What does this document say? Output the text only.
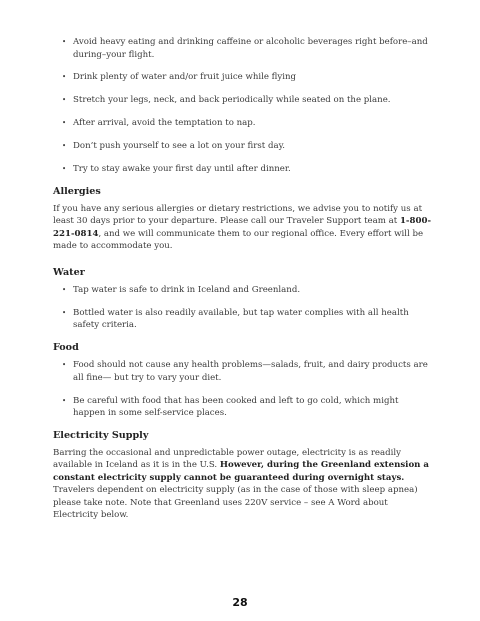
• Avoid heavy eating and drinking caffeine or alcoholic beverages right before–and during–your flight.
• Drink plenty of water and/or fruit juice while flying
• Stretch your legs, neck, and back periodically while seated on the plane.
• After arrival, avoid the temptation to nap.
• Don’t push yourself to see a lot on your first day.
• Try to stay awake your first day until after dinner.
Allergies

If you have any serious allergies or dietary restrictions, we advise you to notify us at least 30 days prior to your departure. Please call our Traveler Support team at 1-800-221-0814, and we will communicate them to our regional office. Every effort will be made to accommodate you.

Water
• Tap water is safe to drink in Iceland and Greenland.
• Bottled water is also readily available, but tap water complies with all health safety criteria.
Food
• Food should not cause any health problems—salads, fruit, and dairy products are all fine— but try to vary your diet.
• Be careful with food that has been cooked and left to go cold, which might happen in some self-service places.
Electricity Supply

Barring the occasional and unpredictable power outage, electricity is as readily available in Iceland as it is in the U.S. However, during the Greenland extension a constant electricity supply cannot be guaranteed during overnight stays. Travelers dependent on electricity supply (as in the case of those with sleep apnea) please take note. Note that Greenland uses 220V service – see A Word about Electricity below.

28
